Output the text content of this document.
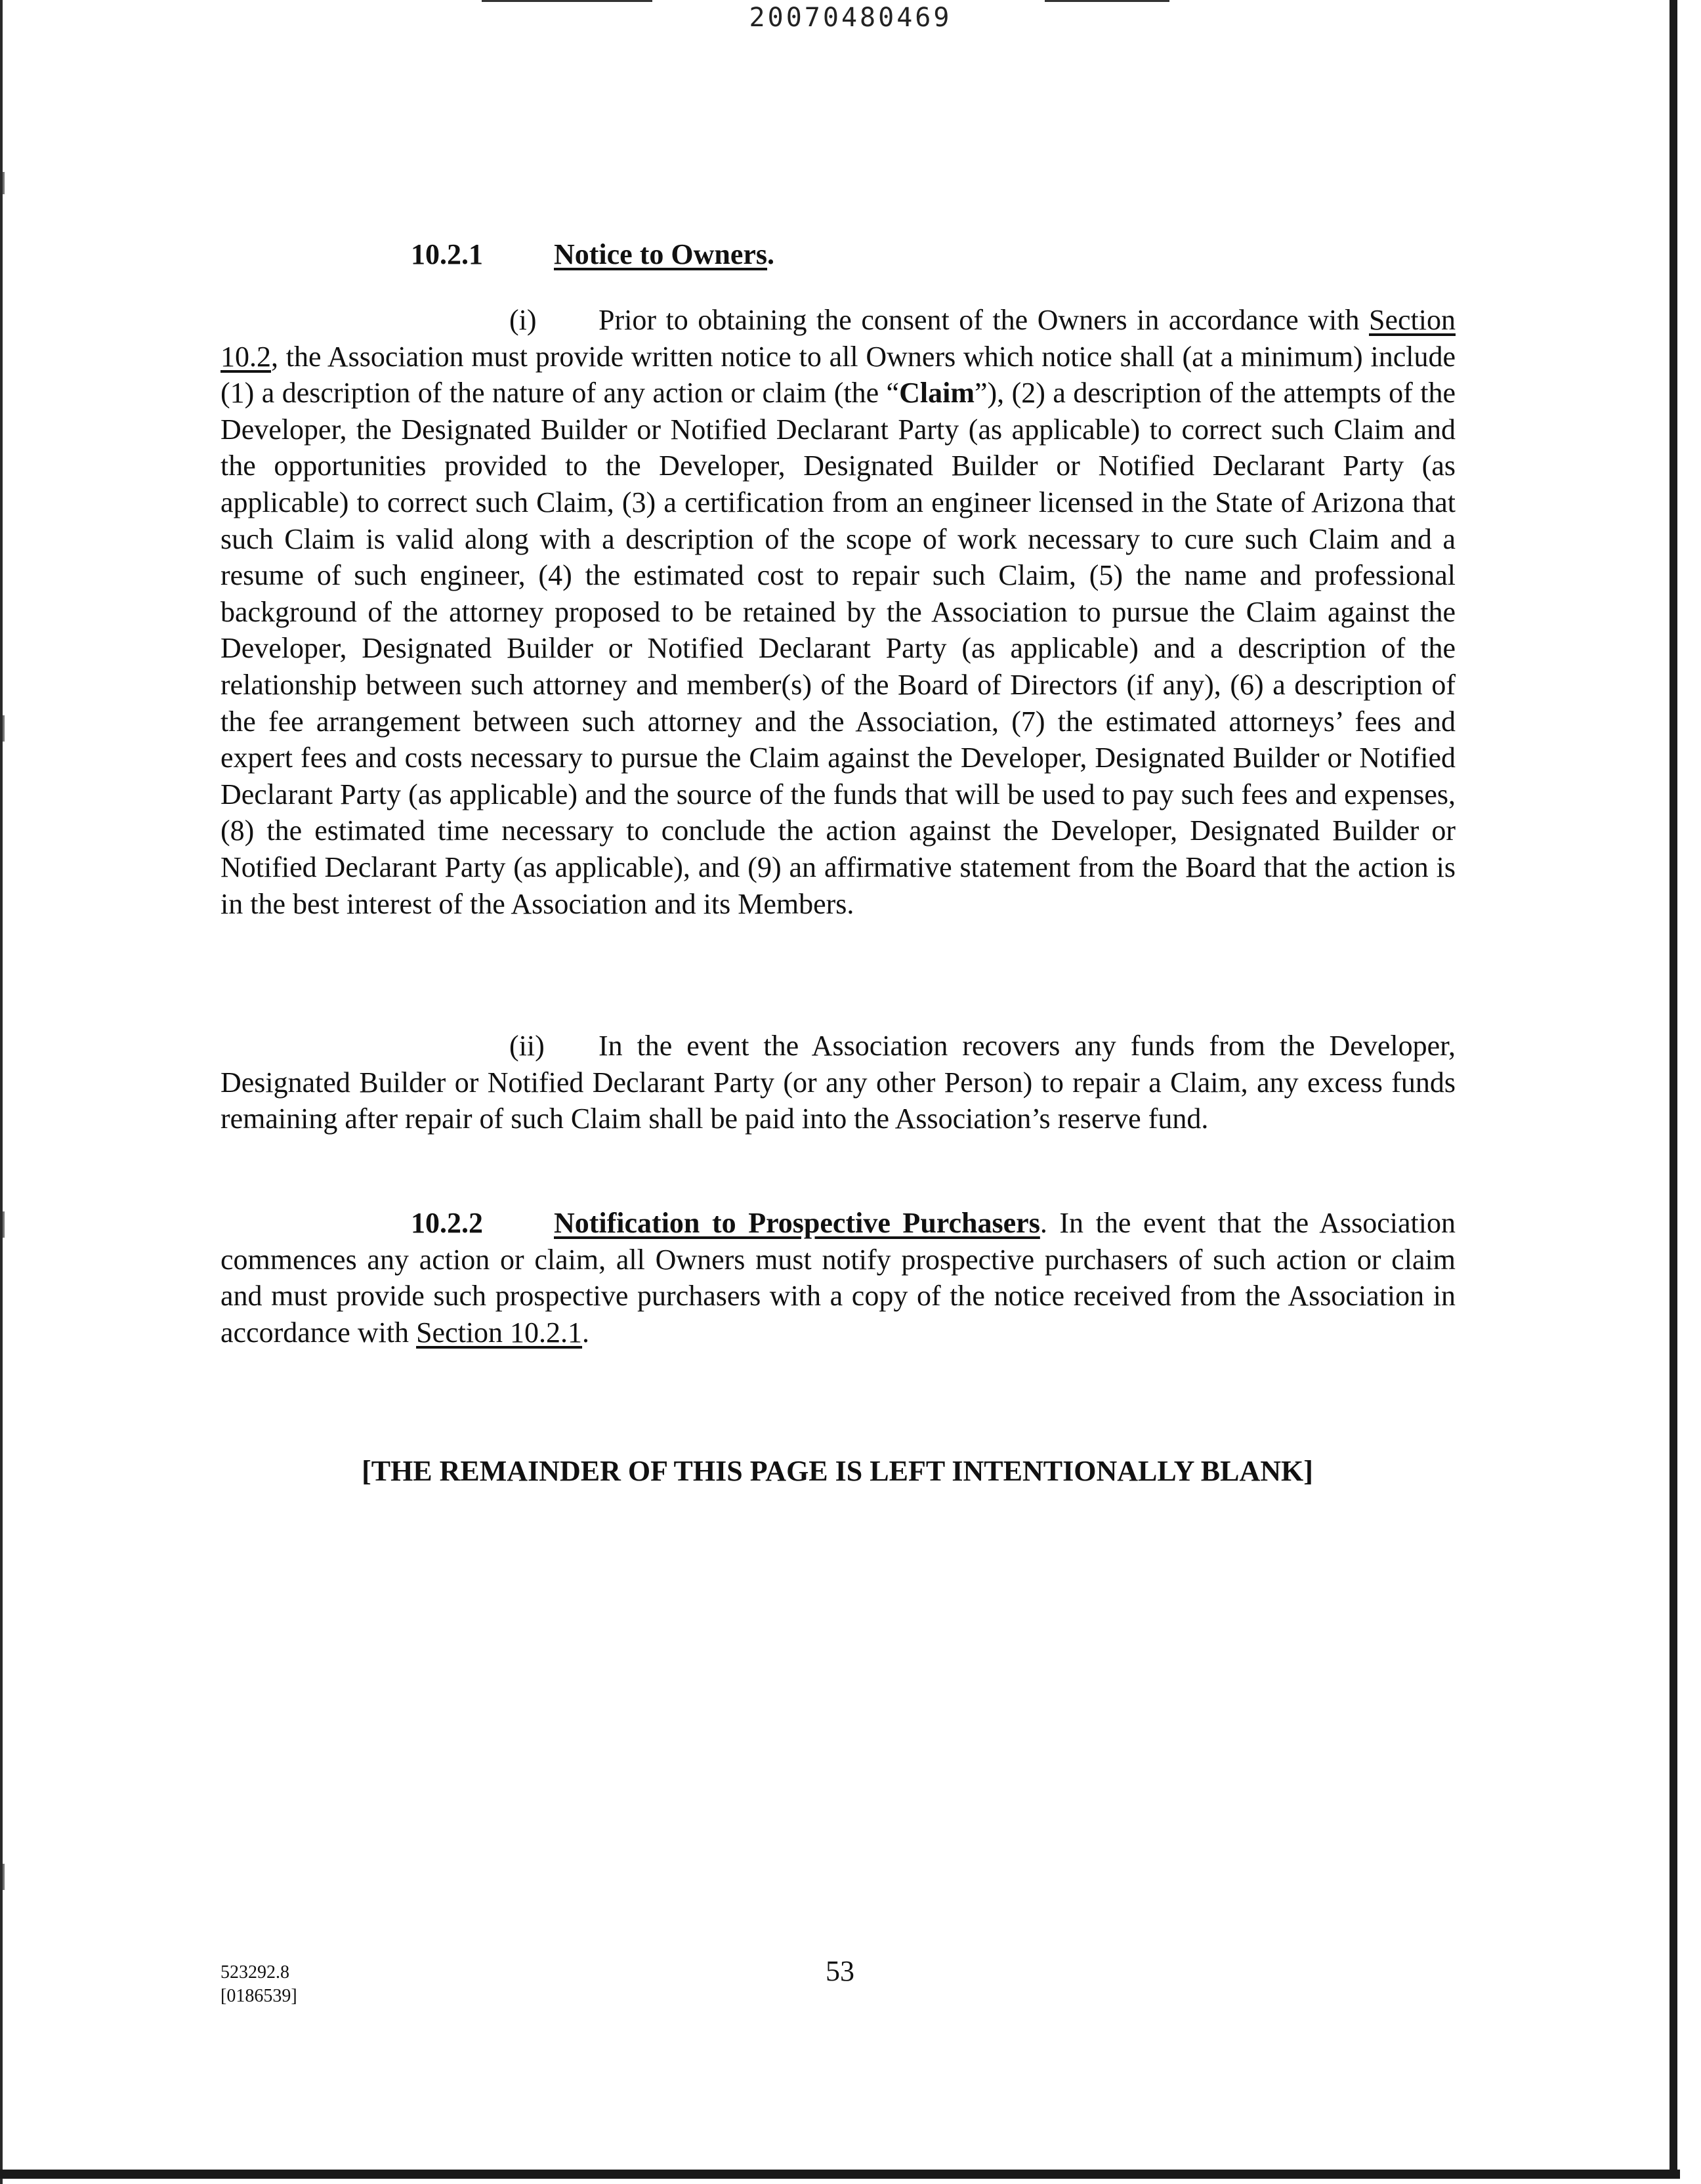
20070480469
10.2.1 Notice to Owners.
(i) Prior to obtaining the consent of the Owners in accordance with Section 10.2, the Association must provide written notice to all Owners which notice shall (at a minimum) include (1) a description of the nature of any action or claim (the “Claim”), (2) a description of the attempts of the Developer, the Designated Builder or Notified Declarant Party (as applicable) to correct such Claim and the opportunities provided to the Developer, Designated Builder or Notified Declarant Party (as applicable) to correct such Claim, (3) a certification from an engineer licensed in the State of Arizona that such Claim is valid along with a description of the scope of work necessary to cure such Claim and a resume of such engineer, (4) the estimated cost to repair such Claim, (5) the name and professional background of the attorney proposed to be retained by the Association to pursue the Claim against the Developer, Designated Builder or Notified Declarant Party (as applicable) and a description of the relationship between such attorney and member(s) of the Board of Directors (if any), (6) a description of the fee arrangement between such attorney and the Association, (7) the estimated attorneys’ fees and expert fees and costs necessary to pursue the Claim against the Developer, Designated Builder or Notified Declarant Party (as applicable) and the source of the funds that will be used to pay such fees and expenses, (8) the estimated time necessary to conclude the action against the Developer, Designated Builder or Notified Declarant Party (as applicable), and (9) an affirmative statement from the Board that the action is in the best interest of the Association and its Members.
(ii) In the event the Association recovers any funds from the Developer, Designated Builder or Notified Declarant Party (or any other Person) to repair a Claim, any excess funds remaining after repair of such Claim shall be paid into the Association’s reserve fund.
10.2.2 Notification to Prospective Purchasers. In the event that the Association commences any action or claim, all Owners must notify prospective purchasers of such action or claim and must provide such prospective purchasers with a copy of the notice received from the Association in accordance with Section 10.2.1.
[THE REMAINDER OF THIS PAGE IS LEFT INTENTIONALLY BLANK]
53
523292.8
[0186539]
